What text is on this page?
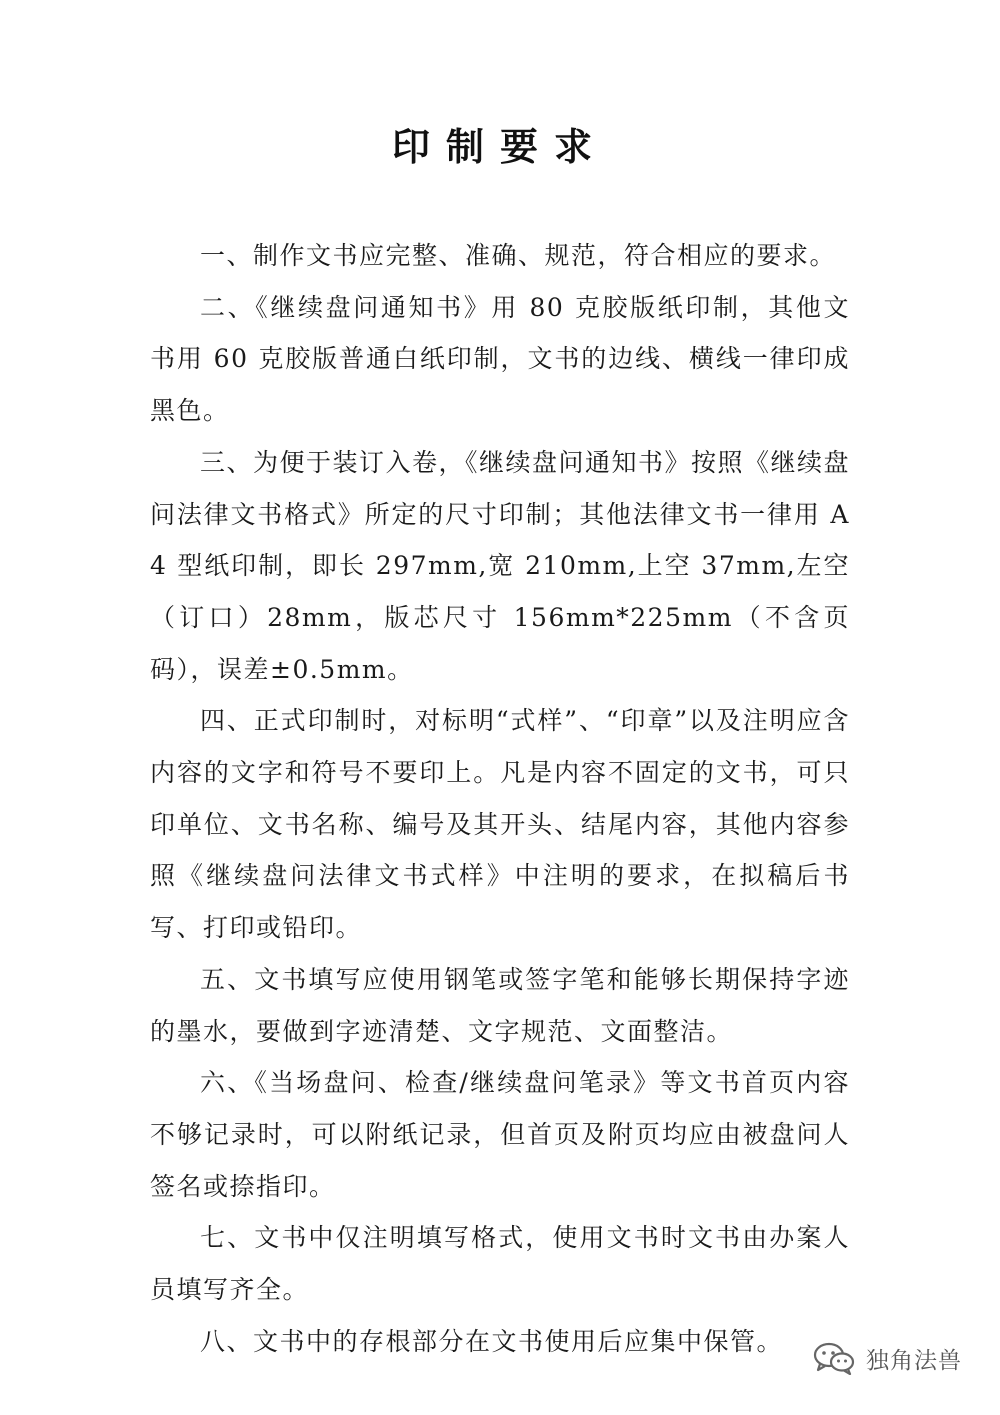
印制要求

一、制作文书应完整、准确、规范，符合相应的要求。

二、《继续盘问通知书》用 80 克胶版纸印制，其他文书用 60 克胶版普通白纸印制，文书的边线、横线一律印成黑色。

三、为便于装订入卷，《继续盘问通知书》按照《继续盘问法律文书格式》所定的尺寸印制；其他法律文书一律用 A4 型纸印制，即长 297mm,宽 210mm,上空 37mm,左空（订口）28mm，版芯尺寸 156mm*225mm（不含页码），误差±0.5mm。

四、正式印制时，对标明“式样”、“印章”以及注明应含内容的文字和符号不要印上。凡是内容不固定的文书，可只印单位、文书名称、编号及其开头、结尾内容，其他内容参照《继续盘问法律文书式样》中注明的要求，在拟稿后书写、打印或铅印。

五、文书填写应使用钢笔或签字笔和能够长期保持字迹的墨水，要做到字迹清楚、文字规范、文面整洁。

六、《当场盘问、检查/继续盘问笔录》等文书首页内容不够记录时，可以附纸记录，但首页及附页均应由被盘问人签名或捺指印。

七、文书中仅注明填写格式，使用文书时文书由办案人员填写齐全。

八、文书中的存根部分在文书使用后应集中保管。

独角法兽
